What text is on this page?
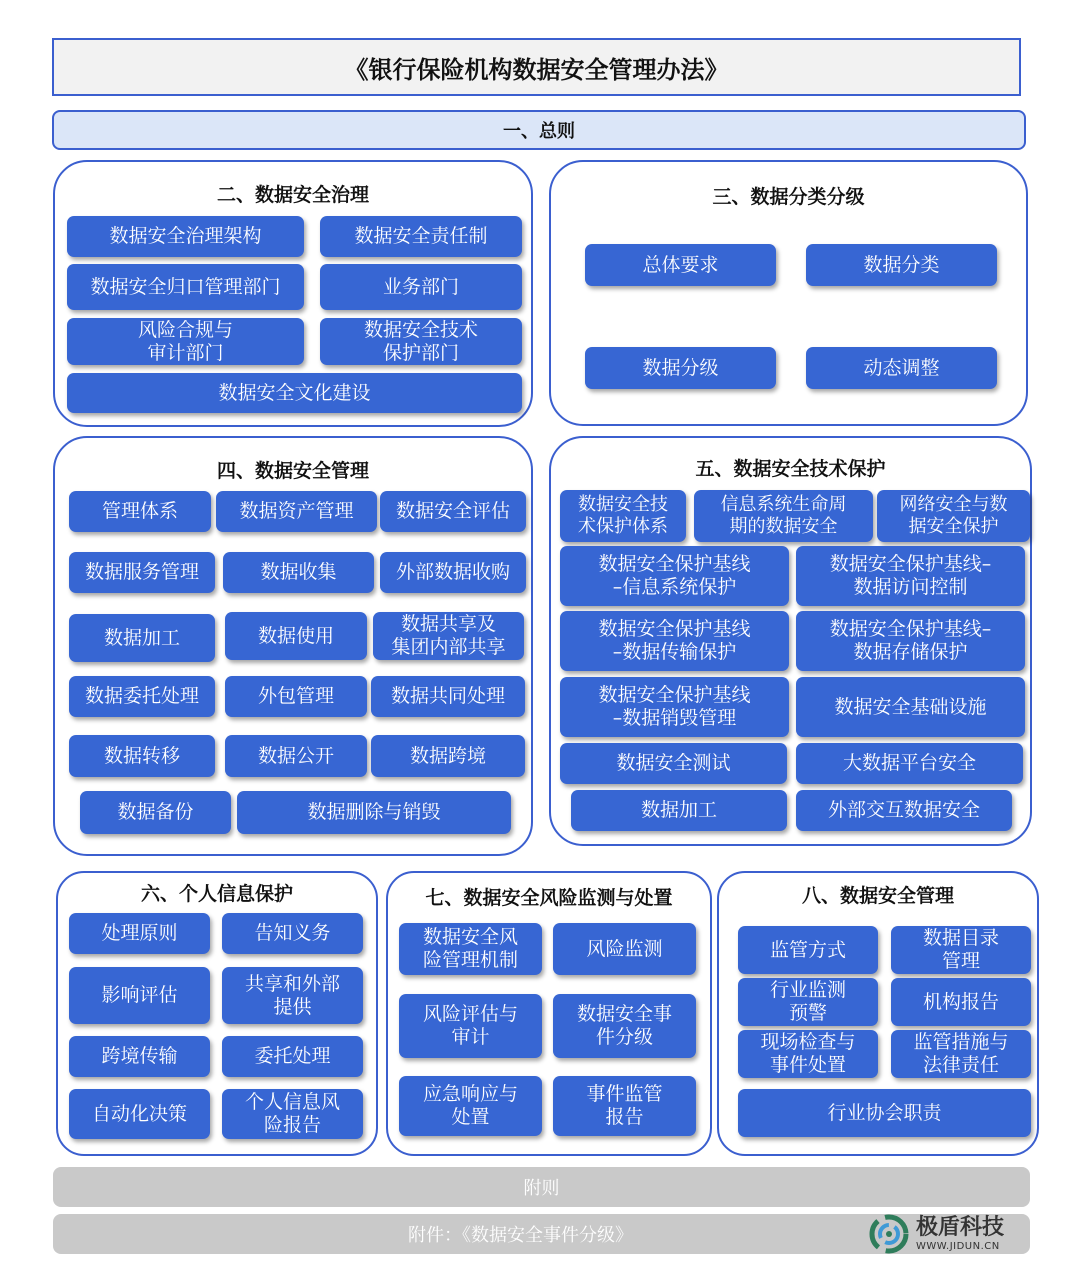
《银行保险机构数据安全管理办法》
一、总则
二、数据安全治理
数据安全治理架构	数据安全责任制
数据安全归口管理部门	业务部门
风险合规与
审计部门
数据安全技术
保护部门
数据安全文化建设
三、数据分类分级
总体要求	数据分类
数据分级	动态调整
四、数据安全管理
管理体系	数据资产管理 数据安全评估
数据服务管理	数据收集	外部数据收购
数据加工	数据使用
数据共享及
集团内部共享
数据委托处理	外包管理	数据共同处理
数据转移	数据公开	数据跨境
数据备份	数据删除与销毁
五、数据安全技术保护
数据安全技
术保护体系
信息系统生命周
期的数据安全
网络安全与数
据安全保护
数据安全保护基线
–信息系统保护
数据安全保护基线–
数据访问控制
数据安全保护基线
–数据传输保护
数据安全保护基线–
数据存储保护
数据安全保护基线
–数据销毁管理
数据安全基础设施
数据安全测试	大数据平台安全
数据加工	外部交互数据安全
六、个人信息保护
处理原则	告知义务
影响评估
共享和外部
提供
跨境传输	委托处理
自动化决策
个人信息风
险报告
七、数据安全风险监测与处置
数据安全风
险管理机制
风险监测
风险评估与
审计
数据安全事
件分级
应急响应与
处置
事件监管
报告
八、数据安全管理
监管方式
数据目录
管理
行业监测
预警
机构报告
现场检查与
事件处置
监管措施与
法律责任
行业协会职责
附则
附件：《数据安全事件分级》	极盾科技
WWW.JIDUN.CN
